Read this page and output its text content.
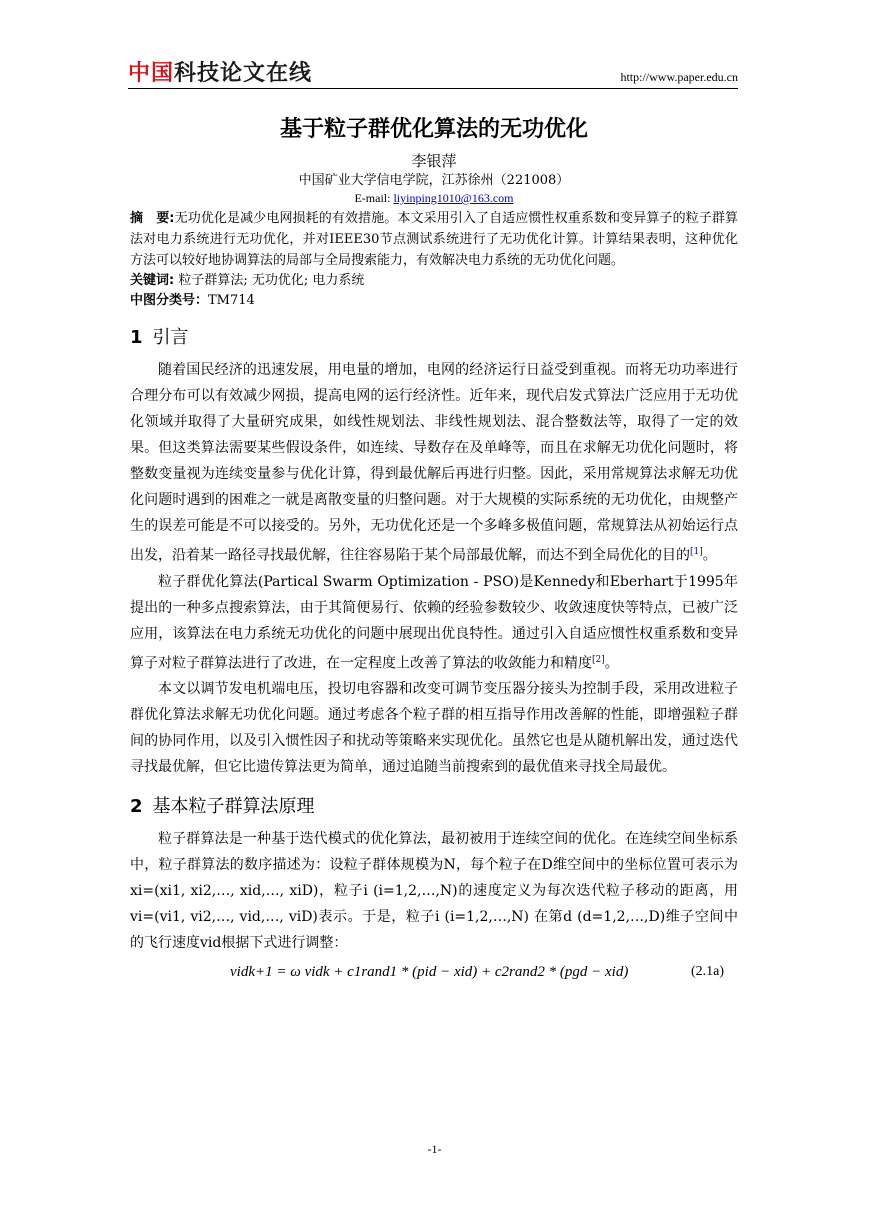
中国科技论文在线	http://www.paper.edu.cn
基于粒子群优化算法的无功优化
李银萍
中国矿业大学信电学院，江苏徐州（221008）
E-mail: liyinping1010@163.com
摘　要:无功优化是减少电网损耗的有效措施。本文采用引入了自适应惯性权重系数和变异算子的粒子群算法对电力系统进行无功优化，并对IEEE30节点测试系统进行了无功优化计算。计算结果表明，这种优化方法可以较好地协调算法的局部与全局搜索能力，有效解决电力系统的无功优化问题。
关键词: 粒子群算法; 无功优化; 电力系统
中图分类号：TM714
1 引言

随着国民经济的迅速发展，用电量的增加，电网的经济运行日益受到重视。而将无功功率进行合理分布可以有效减少网损，提高电网的运行经济性。近年来，现代启发式算法广泛应用于无功优化领域并取得了大量研究成果，如线性规划法、非线性规划法、混合整数法等，取得了一定的效果。但这类算法需要某些假设条件，如连续、导数存在及单峰等，而且在求解无功优化问题时，将整数变量视为连续变量参与优化计算，得到最优解后再进行归整。因此，采用常规算法求解无功优化问题时遇到的困难之一就是离散变量的归整问题。对于大规模的实际系统的无功优化，由规整产生的误差可能是不可以接受的。另外，无功优化还是一个多峰多极值问题，常规算法从初始运行点出发，沿着某一路径寻找最优解，往往容易陷于某个局部最优解，而达不到全局优化的目的[1]。

粒子群优化算法(Partical Swarm Optimization - PSO)是Kennedy和Eberhart于1995年提出的一种多点搜索算法，由于其简便易行、依赖的经验参数较少、收敛速度快等特点，已被广泛应用，该算法在电力系统无功优化的问题中展现出优良特性。通过引入自适应惯性权重系数和变异算子对粒子群算法进行了改进，在一定程度上改善了算法的收敛能力和精度[2]。

本文以调节发电机端电压，投切电容器和改变可调节变压器分接头为控制手段，采用改进粒子群优化算法求解无功优化问题。通过考虑各个粒子群的相互指导作用改善解的性能，即增强粒子群间的协同作用，以及引入惯性因子和扰动等策略来实现优化。虽然它也是从随机解出发，通过迭代寻找最优解，但它比遗传算法更为简单，通过追随当前搜索到的最优值来寻找全局最优。

2 基本粒子群算法原理

粒子群算法是一种基于迭代模式的优化算法，最初被用于连续空间的优化。在连续空间坐标系中，粒子群算法的数序描述为：设粒子群体规模为N，每个粒子在D维空间中的坐标位置可表示为xi=(xi1, xi2,…, xid,…, xiD)，粒子i (i=1,2,…,N)的速度定义为每次迭代粒子移动的距离，用vi=(vi1, vi2,…, vid,…, viD)表示。于是，粒子i (i=1,2,…,N) 在第d (d=1,2,…,D)维子空间中的飞行速度vid根据下式进行调整：

vidk+1 = ω vidk + c1rand1 * (pid − xid) + c2rand2 * (pgd − xid)	(2.1a)
-1-
